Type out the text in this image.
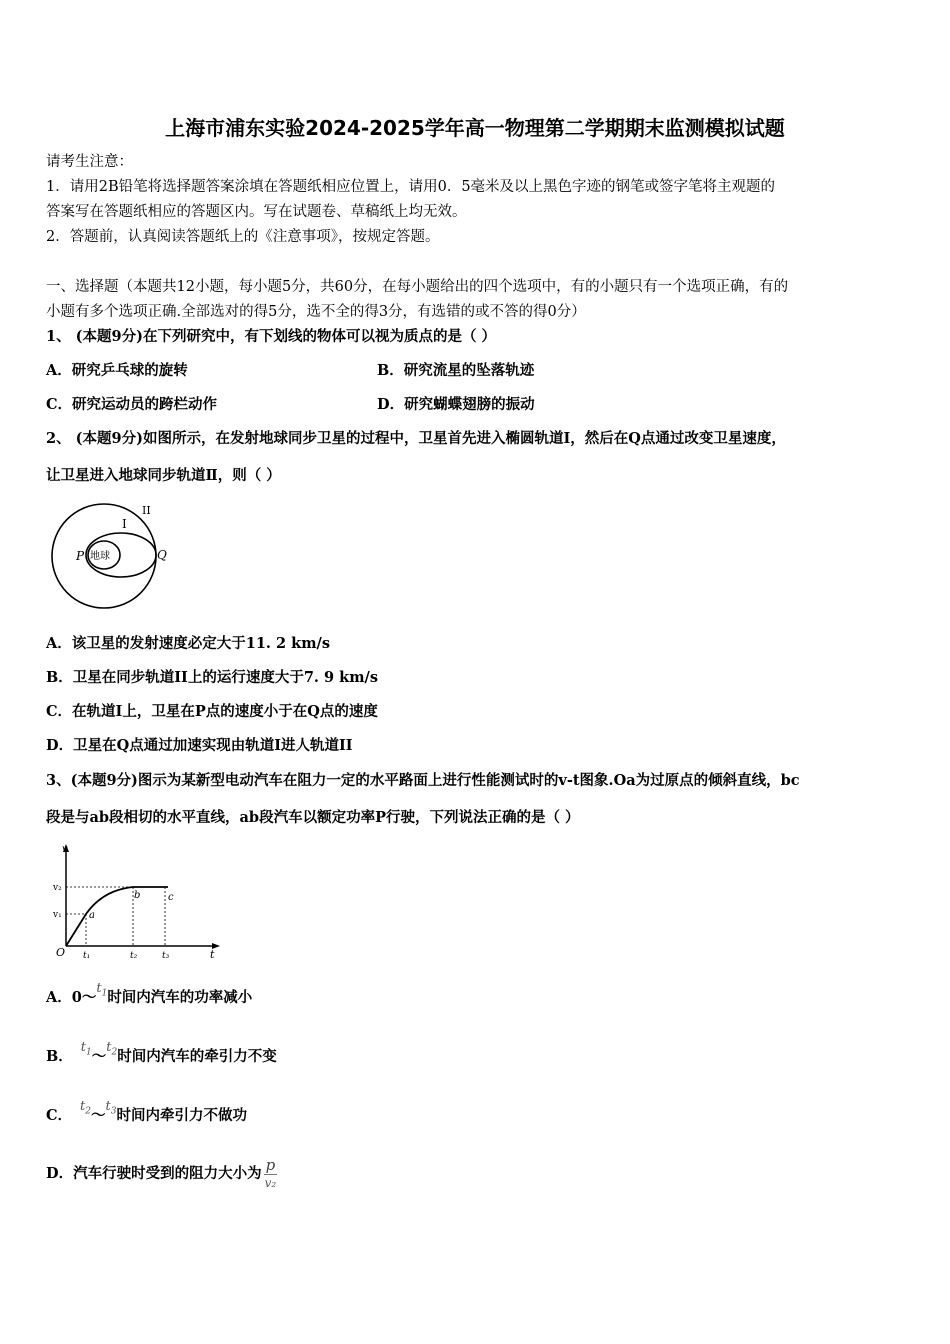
上海市浦东实验2024-2025学年高一物理第二学期期末监测模拟试题
请考生注意：
1．请用2B铅笔将选择题答案涂填在答题纸相应位置上，请用0．5毫米及以上黑色字迹的钢笔或签字笔将主观题的
答案写在答题纸相应的答题区内。写在试题卷、草稿纸上均无效。
2．答题前，认真阅读答题纸上的《注意事项》，按规定答题。
一、选择题（本题共12小题，每小题5分，共60分，在每小题给出的四个选项中，有的小题只有一个选项正确，有的
小题有多个选项正确.全部选对的得5分，选不全的得3分，有选错的或不答的得0分）
1、 (本题9分)在下列研究中，有下划线的物体可以视为质点的是（ ）
A．研究乒乓球的旋转	B．研究流星的坠落轨迹
C．研究运动员的跨栏动作	D．研究蝴蝶翅膀的振动
2、 (本题9分)如图所示，在发射地球同步卫星的过程中，卫星首先进入椭圆轨道I，然后在Q点通过改变卫星速度，
让卫星进入地球同步轨道Ⅱ，则（ ）
地球
II
I
P	Q
A．该卫星的发射速度必定大于11. 2 km/s
B．卫星在同步轨道II上的运行速度大于7. 9 km/s
C．在轨道I上，卫星在P点的速度小于在Q点的速度
D．卫星在Q点通过加速实现由轨道I进人轨道II
3、(本题9分)图示为某新型电动汽车在阻力一定的水平路面上进行性能测试时的v-t图象.Oa为过原点的倾斜直线，bc
段是与ab段相切的水平直线，ab段汽车以额定功率P行驶，下列说法正确的是（ ）
v
t
O
v₂
v₁	a
b	c
t₁	t₂	t₃
A．$0\sim t_1$时间内汽车的功率减小
B．$t_1\sim t_2$时间内汽车的牵引力不变
C．$t_2\sim t_3$时间内牵引力不做功
D．汽车行驶时受到的阻力大小为 $\frac{p}{\text{v₂}}$
